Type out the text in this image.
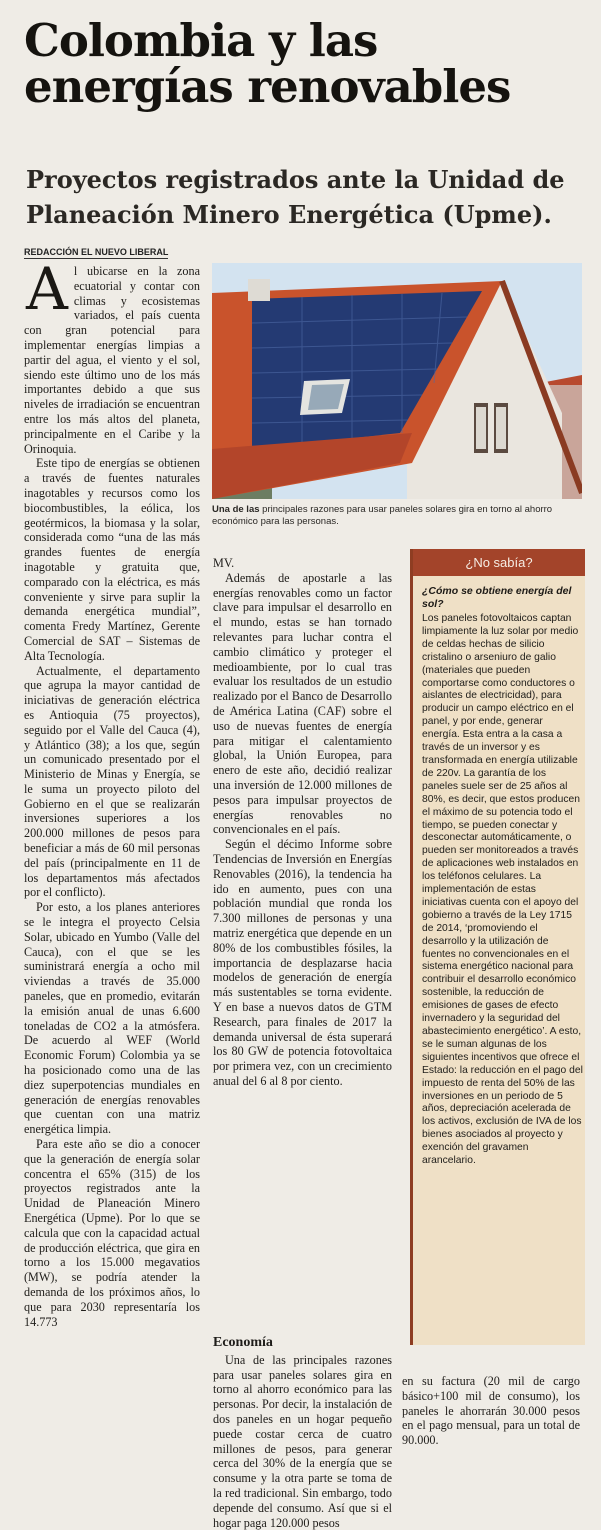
Colombia y las energías renovables
Proyectos registrados ante la Unidad de Planeación Minero Energética (Upme).
REDACCIÓN EL NUEVO LIBERAL

Al ubicarse en la zona ecuatorial y contar con climas y ecosistemas variados, el país cuenta con gran potencial para implementar energías limpias a partir del agua, el viento y el sol, siendo este último uno de los más importantes debido a que sus niveles de irradiación se encuentran entre los más altos del planeta, principalmente en el Caribe y la Orinoquia.

Este tipo de energías se obtienen a través de fuentes naturales inagotables y recursos como los biocombustibles, la eólica, los geotérmicos, la biomasa y la solar, considerada como “una de las más grandes fuentes de energía inagotable y gratuita que, comparado con la eléctrica, es más conveniente y sirve para suplir la demanda energética mundial”, comenta Fredy Martínez, Gerente Comercial de SAT – Sistemas de Alta Tecnología.

Actualmente, el departamento que agrupa la mayor cantidad de iniciativas de generación eléctrica es Antioquia (75 proyectos), seguido por el Valle del Cauca (4), y Atlántico (38); a los que, según un comunicado presentado por el Ministerio de Minas y Energía, se le suma un proyecto piloto del Gobierno en el que se realizarán inversiones superiores a los 200.000 millones de pesos para beneficiar a más de 60 mil personas del país (principalmente en 11 de los departamentos más afectados por el conflicto).

Por esto, a los planes anteriores se le integra el proyecto Celsia Solar, ubicado en Yumbo (Valle del Cauca), con el que se les suministrará energía a ocho mil viviendas a través de 35.000 paneles, que en promedio, evitarán la emisión anual de unas 6.600 toneladas de CO2 a la atmósfera. De acuerdo al WEF (World Economic Forum) Colombia ya se ha posicionado como una de las diez superpotencias mundiales en generación de energías renovables que cuentan con una matriz energética limpia.

Para este año se dio a conocer que la generación de energía solar concentra el 65% (315) de los proyectos registrados ante la Unidad de Planeación Minero Energética (Upme). Por lo que se calcula que con la capacidad actual de producción eléctrica, que gira en torno a los 15.000 megavatios (MW), se podría atender la demanda de los próximos años, lo que para 2030 representaría los 14.773

Una de las principales razones para usar paneles solares gira en torno al ahorro económico para las personas.

MV.

Además de apostarle a las energías renovables como un factor clave para impulsar el desarrollo en el mundo, estas se han tornado relevantes para luchar contra el cambio climático y proteger el medioambiente, por lo cual tras evaluar los resultados de un estudio realizado por el Banco de Desarrollo de América Latina (CAF) sobre el uso de nuevas fuentes de energía para mitigar el calentamiento global, la Unión Europea, para enero de este año, decidió realizar una inversión de 12.000 millones de pesos para impulsar proyectos de energías renovables no convencionales en el país.

Según el décimo Informe sobre Tendencias de Inversión en Energías Renovables (2016), la tendencia ha ido en aumento, pues con una población mundial que ronda los 7.300 millones de personas y una matriz energética que depende en un 80% de los combustibles fósiles, la importancia de desplazarse hacia modelos de generación de energía más sustentables se torna evidente. Y en base a nuevos datos de GTM Research, para finales de 2017 la demanda universal de ésta superará los 80 GW de potencia fotovoltaica por primera vez, con un crecimiento anual del 6 al 8 por ciento.

Economía

Una de las principales razones para usar paneles solares gira en torno al ahorro económico para las personas. Por decir, la instalación de dos paneles en un hogar pequeño puede costar cerca de cuatro millones de pesos, para generar cerca del 30% de la energía que se consume y la otra parte se toma de la red tradicional. Sin embargo, todo depende del consumo. Así que si el hogar paga 120.000 pesos

en su factura (20 mil de cargo básico+100 mil de consumo), los paneles le ahorrarán 30.000 pesos en el pago mensual, para un total de 90.000.

¿No sabía?

¿Cómo se obtiene energía del sol?

Los paneles fotovoltaicos captan limpiamente la luz solar por medio de celdas hechas de silicio cristalino o arseniuro de galio (materiales que pueden comportarse como conductores o aislantes de electricidad), para producir un campo eléctrico en el panel, y por ende, generar energía. Esta entra a la casa a través de un inversor y es transformada en energía utilizable de 220v. La garantía de los paneles suele ser de 25 años al 80%, es decir, que estos producen el máximo de su potencia todo el tiempo, se pueden conectar y desconectar automáticamente, o pueden ser monitoreados a través de aplicaciones web instalados en los teléfonos celulares. La implementación de estas iniciativas cuenta con el apoyo del gobierno a través de la Ley 1715 de 2014, ‘promoviendo el desarrollo y la utilización de fuentes no convencionales en el sistema energético nacional para contribuir el desarrollo económico sostenible, la reducción de emisiones de gases de efecto invernadero y la seguridad del abastecimiento energético’. A esto, se le suman algunas de los siguientes incentivos que ofrece el Estado: la reducción en el pago del impuesto de renta del 50% de las inversiones en un periodo de 5 años, depreciación acelerada de los activos, exclusión de IVA de los bienes asociados al proyecto y exención del gravamen arancelario.
